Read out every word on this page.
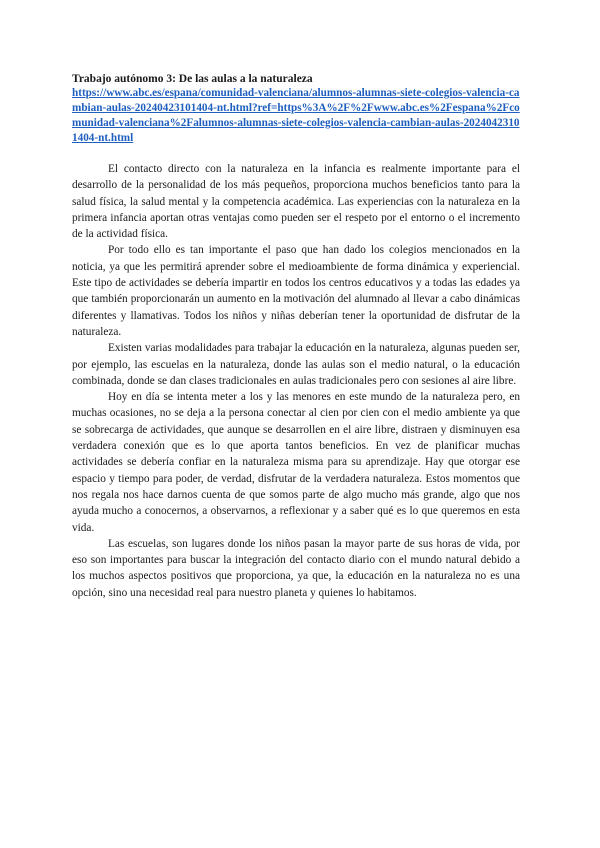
Trabajo autónomo 3: De las aulas a la naturaleza

https://www.abc.es/espana/comunidad-valenciana/alumnos-alumnas-siete-colegios-valencia-cambian-aulas-20240423101404-nt.html?ref=https%3A%2F%2Fwww.abc.es%2Fespana%2Fcomunidad-valenciana%2Falumnos-alumnas-siete-colegios-valencia-cambian-aulas-20240423101404-nt.html

El contacto directo con la naturaleza en la infancia es realmente importante para el desarrollo de la personalidad de los más pequeños, proporciona muchos beneficios tanto para la salud física, la salud mental y la competencia académica. Las experiencias con la naturaleza en la primera infancia aportan otras ventajas como pueden ser el respeto por el entorno o el incremento de la actividad física.

Por todo ello es tan importante el paso que han dado los colegios mencionados en la noticia, ya que les permitirá aprender sobre el medioambiente de forma dinámica y experiencial. Este tipo de actividades se debería impartir en todos los centros educativos y a todas las edades ya que también proporcionarán un aumento en la motivación del alumnado al llevar a cabo dinámicas diferentes y llamativas. Todos los niños y niñas deberían tener la oportunidad de disfrutar de la naturaleza.

Existen varias modalidades para trabajar la educación en la naturaleza, algunas pueden ser, por ejemplo, las escuelas en la naturaleza, donde las aulas son el medio natural, o la educación combinada, donde se dan clases tradicionales en aulas tradicionales pero con sesiones al aire libre.

Hoy en día se intenta meter a los y las menores en este mundo de la naturaleza pero, en muchas ocasiones, no se deja a la persona conectar al cien por cien con el medio ambiente ya que se sobrecarga de actividades, que aunque se desarrollen en el aire libre, distraen y disminuyen esa verdadera conexión que es lo que aporta tantos beneficios. En vez de planificar muchas actividades se debería confiar en la naturaleza misma para su aprendizaje. Hay que otorgar ese espacio y tiempo para poder, de verdad, disfrutar de la verdadera naturaleza. Estos momentos que nos regala nos hace darnos cuenta de que somos parte de algo mucho más grande, algo que nos ayuda mucho a conocernos, a observarnos, a reflexionar y a saber qué es lo que queremos en esta vida.

Las escuelas, son lugares donde los niños pasan la mayor parte de sus horas de vida, por eso son importantes para buscar la integración del contacto diario con el mundo natural debido a los muchos aspectos positivos que proporciona, ya que, la educación en la naturaleza no es una opción, sino una necesidad real para nuestro planeta y quienes lo habitamos.
